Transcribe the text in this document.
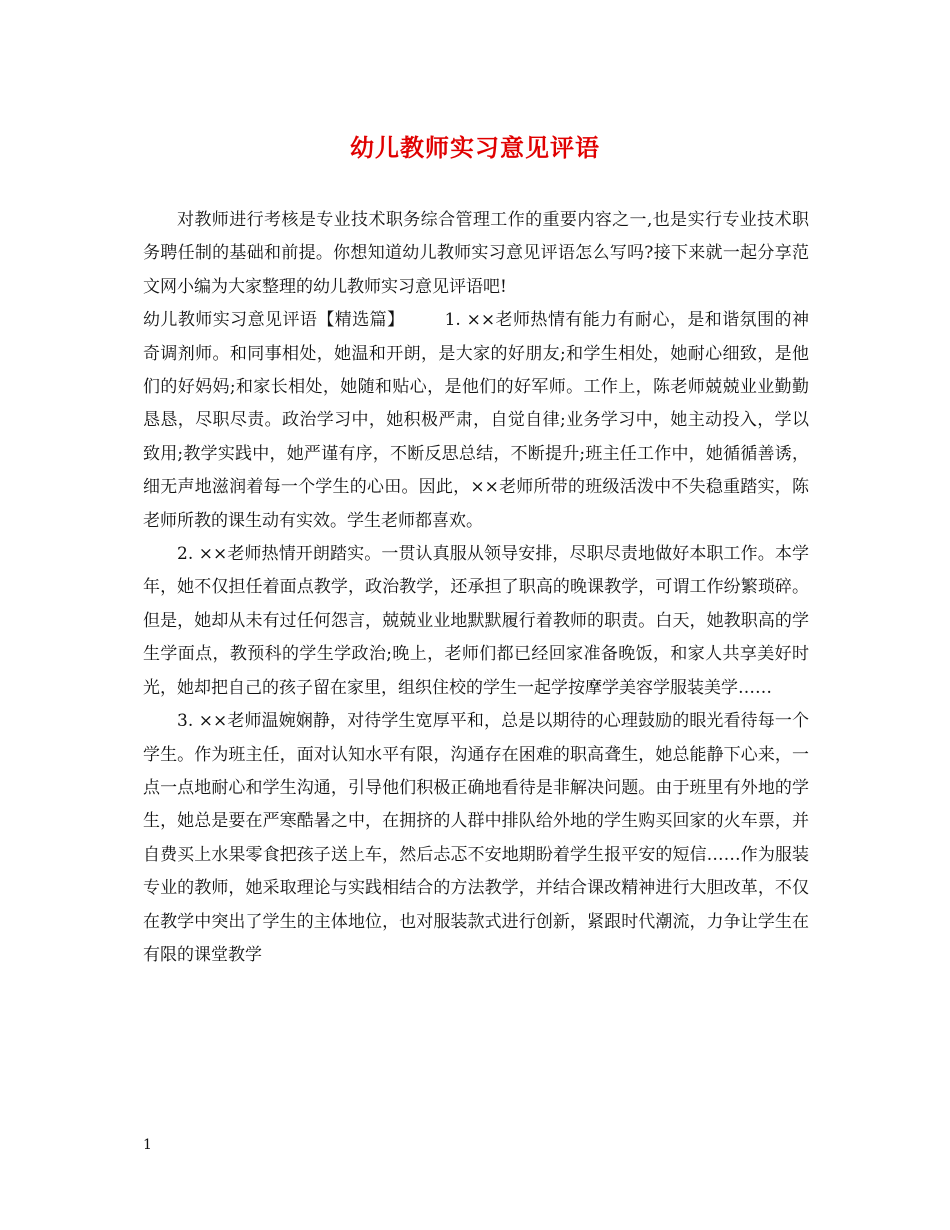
幼儿教师实习意见评语

对教师进行考核是专业技术职务综合管理工作的重要内容之一,也是实行专业技术职务聘任制的基础和前提。你想知道幼儿教师实习意见评语怎么写吗?接下来就一起分享范文网小编为大家整理的幼儿教师实习意见评语吧!

幼儿教师实习意见评语【精选篇】 1. ××老师热情有能力有耐心，是和谐氛围的神奇调剂师。和同事相处，她温和开朗，是大家的好朋友;和学生相处，她耐心细致，是他们的好妈妈;和家长相处，她随和贴心，是他们的好军师。工作上，陈老师兢兢业业勤勤恳恳，尽职尽责。政治学习中，她积极严肃，自觉自律;业务学习中，她主动投入，学以致用;教学实践中，她严谨有序，不断反思总结，不断提升;班主任工作中，她循循善诱，细无声地滋润着每一个学生的心田。因此，××老师所带的班级活泼中不失稳重踏实，陈老师所教的课生动有实效。学生老师都喜欢。

2. ××老师热情开朗踏实。一贯认真服从领导安排，尽职尽责地做好本职工作。本学年，她不仅担任着面点教学，政治教学，还承担了职高的晚课教学，可谓工作纷繁琐碎。但是，她却从未有过任何怨言，兢兢业业地默默履行着教师的职责。白天，她教职高的学生学面点，教预科的学生学政治;晚上，老师们都已经回家准备晚饭，和家人共享美好时光，她却把自己的孩子留在家里，组织住校的学生一起学按摩学美容学服装美学……

3. ××老师温婉娴静，对待学生宽厚平和，总是以期待的心理鼓励的眼光看待每一个学生。作为班主任，面对认知水平有限，沟通存在困难的职高聋生，她总能静下心来，一点一点地耐心和学生沟通，引导他们积极正确地看待是非解决问题。由于班里有外地的学生，她总是要在严寒酷暑之中，在拥挤的人群中排队给外地的学生购买回家的火车票，并自费买上水果零食把孩子送上车，然后忐忑不安地期盼着学生报平安的短信……作为服装专业的教师，她采取理论与实践相结合的方法教学，并结合课改精神进行大胆改革，不仅在教学中突出了学生的主体地位，也对服装款式进行创新，紧跟时代潮流，力争让学生在有限的课堂教学

1
